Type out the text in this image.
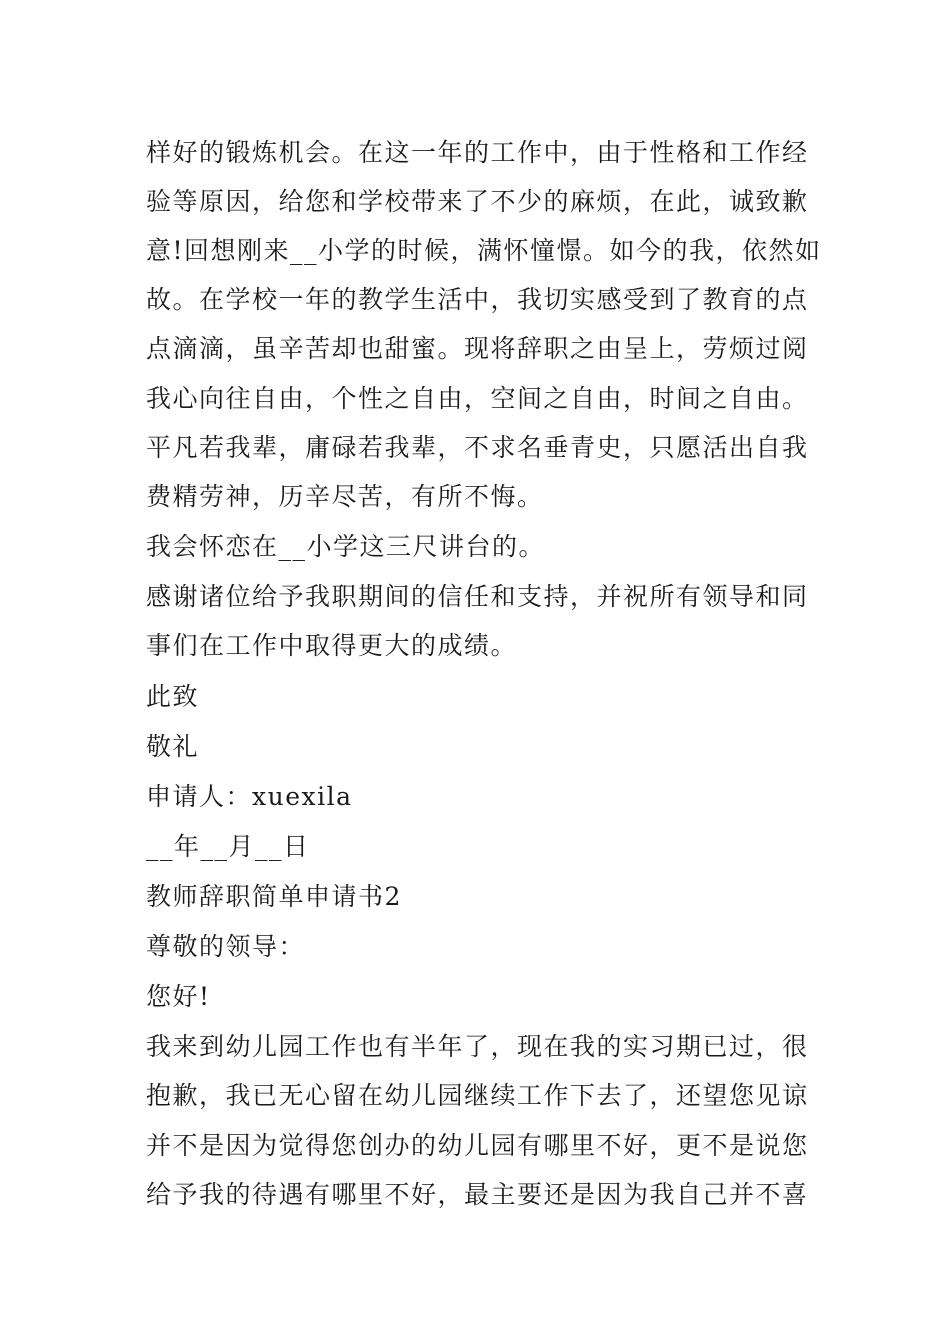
样好的锻炼机会。在这一年的工作中，由于性格和工作经
验等原因，给您和学校带来了不少的麻烦，在此，诚致歉
意!回想刚来__小学的时候，满怀憧憬。如今的我，依然如
故。在学校一年的教学生活中，我切实感受到了教育的点
点滴滴，虽辛苦却也甜蜜。现将辞职之由呈上，劳烦过阅
我心向往自由，个性之自由，空间之自由，时间之自由。
平凡若我辈，庸碌若我辈，不求名垂青史，只愿活出自我
费精劳神，历辛尽苦，有所不悔。
我会怀恋在__小学这三尺讲台的。
感谢诸位给予我职期间的信任和支持，并祝所有领导和同
事们在工作中取得更大的成绩。
此致
敬礼
申请人：xuexila
__年__月__日
教师辞职简单申请书2
尊敬的领导：
您好!
我来到幼儿园工作也有半年了，现在我的实习期已过，很
抱歉，我已无心留在幼儿园继续工作下去了，还望您见谅
并不是因为觉得您创办的幼儿园有哪里不好，更不是说您
给予我的待遇有哪里不好，最主要还是因为我自己并不喜
